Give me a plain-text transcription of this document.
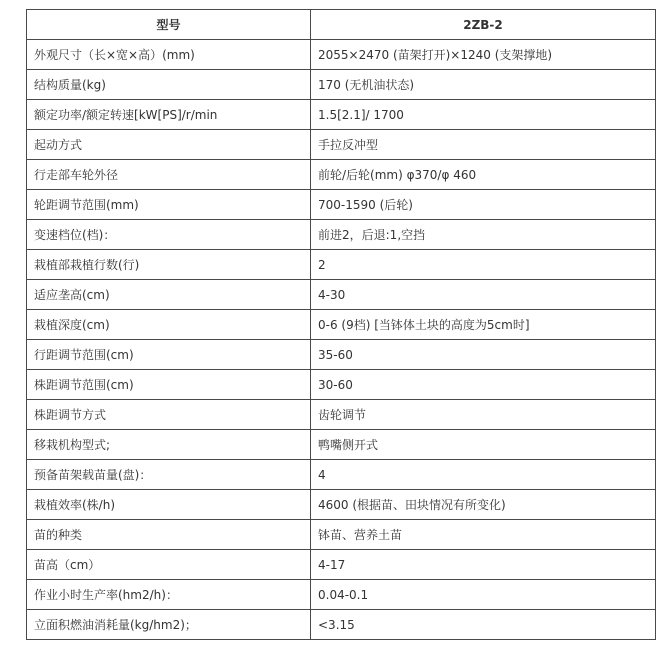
型号	2ZB-2
外观尺寸（长×宽×高）(mm)	2055×2470 (苗架打开)×1240 (支架撑地)
结构质量(kg)	170 (无机油状态)
额定功率/额定转速[kW[PS]/r/min	1.5[2.1]/ 1700
起动方式	手拉反冲型
行走部车轮外径	前轮/后轮(mm) φ370/φ 460
轮距调节范围(mm)	700-1590 (后轮)
变速档位(档)：	前进2，后退:1,空挡
栽植部栽植行数(行)	2
适应垄高(cm)	4-30
栽植深度(cm)	0-6 (9档) [当钵体土块的高度为5cm时]
行距调节范围(cm)	35-60
株距调节范围(cm)	30-60
株距调节方式	齿轮调节
移栽机构型式;	鸭嘴侧开式
预备苗架载苗量(盘)：	4
栽植效率(株/h)	4600 (根据苗、田块情况有所变化)
苗的种类	钵苗、营养土苗
苗高（cm）	4-17
作业小时生产率(hm2/h)：	0.04-0.1
立面积燃油消耗量(kg/hm2)；	<3.15
